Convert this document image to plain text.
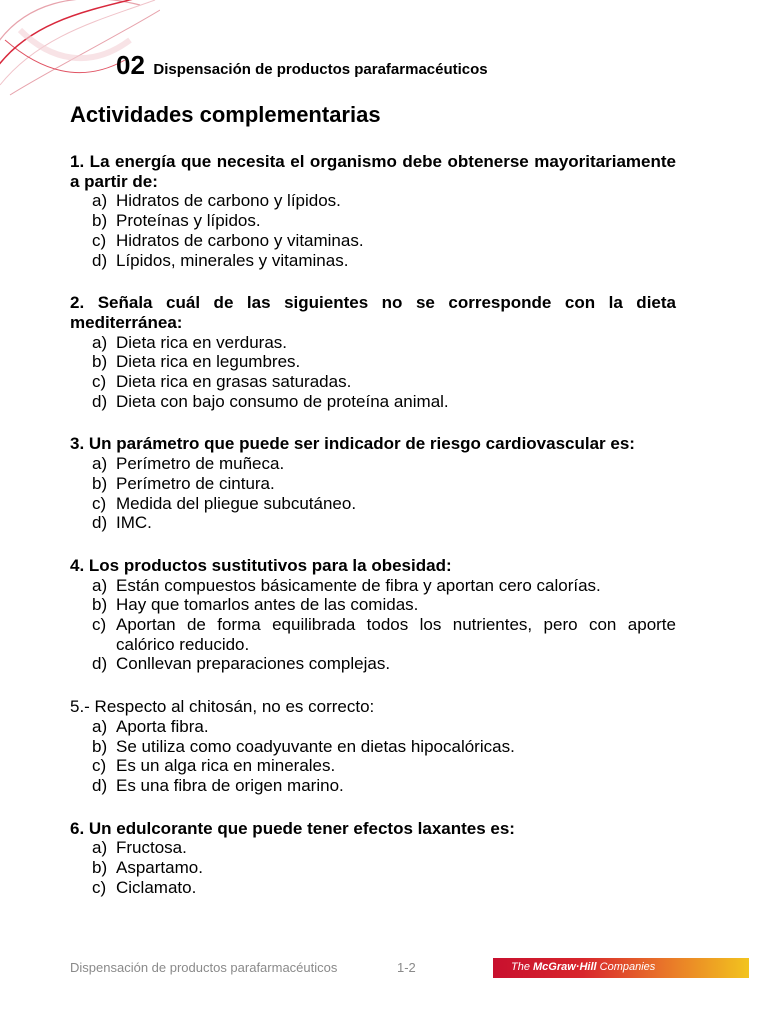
02 Dispensación de productos parafarmacéuticos
Actividades complementarias

1. La energía que necesita el organismo debe obtenerse mayoritariamente a partir de:

a) Hidratos de carbono y lípidos.
b) Proteínas y lípidos.
c) Hidratos de carbono y vitaminas.
d) Lípidos, minerales y vitaminas.

2. Señala cuál de las siguientes no se corresponde con la dieta mediterránea:

a) Dieta rica en verduras.
b) Dieta rica en legumbres.
c) Dieta rica en grasas saturadas.
d) Dieta con bajo consumo de proteína animal.

3. Un parámetro que puede ser indicador de riesgo cardiovascular es:

a) Perímetro de muñeca.
b) Perímetro de cintura.
c) Medida del pliegue subcutáneo.
d) IMC.

4. Los productos sustitutivos para la obesidad:

a) Están compuestos básicamente de fibra y aportan cero calorías.
b) Hay que tomarlos antes de las comidas.
c) Aportan de forma equilibrada todos los nutrientes, pero con aporte calórico reducido.
d) Conllevan preparaciones complejas.

5.- Respecto al chitosán, no es correcto:

a) Aporta fibra.
b) Se utiliza como coadyuvante en dietas hipocalóricas.
c) Es un alga rica en minerales.
d) Es una fibra de origen marino.

6. Un edulcorante que puede tener efectos laxantes es:

a) Fructosa.
b) Aspartamo.
c) Ciclamato.
Dispensación de productos parafarmacéuticos	1-2	The McGraw·Hill Companies
